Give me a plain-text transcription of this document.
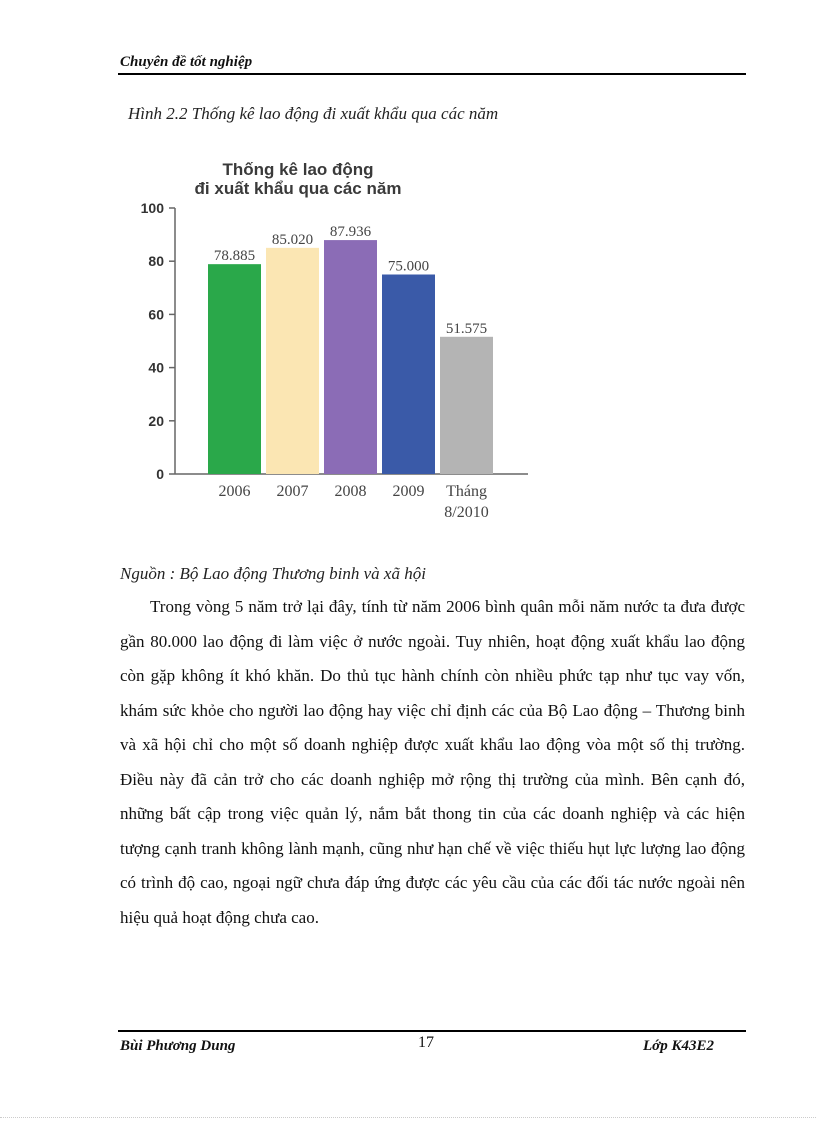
Chuyên đề tốt nghiệp
Hình 2.2 Thống kê lao động đi xuất khẩu qua các năm
Thống kê lao động
đi xuất khẩu qua các năm
0
20
40
60
80
100
78.885
2006
85.020
2007
87.936
2008
75.000
2009
51.575
Tháng
8/2010
Nguồn : Bộ Lao động Thương binh và xã hội

Trong vòng 5 năm trở lại đây, tính từ năm 2006 bình quân mỗi năm nước ta đưa được gần 80.000 lao động đi làm việc ở nước ngoài. Tuy nhiên, hoạt động xuất khẩu lao động còn gặp không ít khó khăn. Do thủ tục hành chính còn nhiều phức tạp như tục vay vốn, khám sức khỏe cho người lao động hay việc chỉ định các của Bộ Lao động – Thương binh và xã hội chỉ cho một số doanh nghiệp được xuất khẩu lao động vòa một số thị trường. Điều này đã cản trở cho các doanh nghiệp mở rộng thị trường của mình. Bên cạnh đó, những bất cập trong việc quản lý, nắm bắt thong tin của các doanh nghiệp và các hiện tượng cạnh tranh không lành mạnh, cũng như hạn chế về việc thiếu hụt lực lượng lao động có trình độ cao, ngoại ngữ chưa đáp ứng được các yêu cầu của các đối tác nước ngoài nên hiệu quả hoạt động chưa cao.

Bùi Phương Dung	17	Lớp K43E2
